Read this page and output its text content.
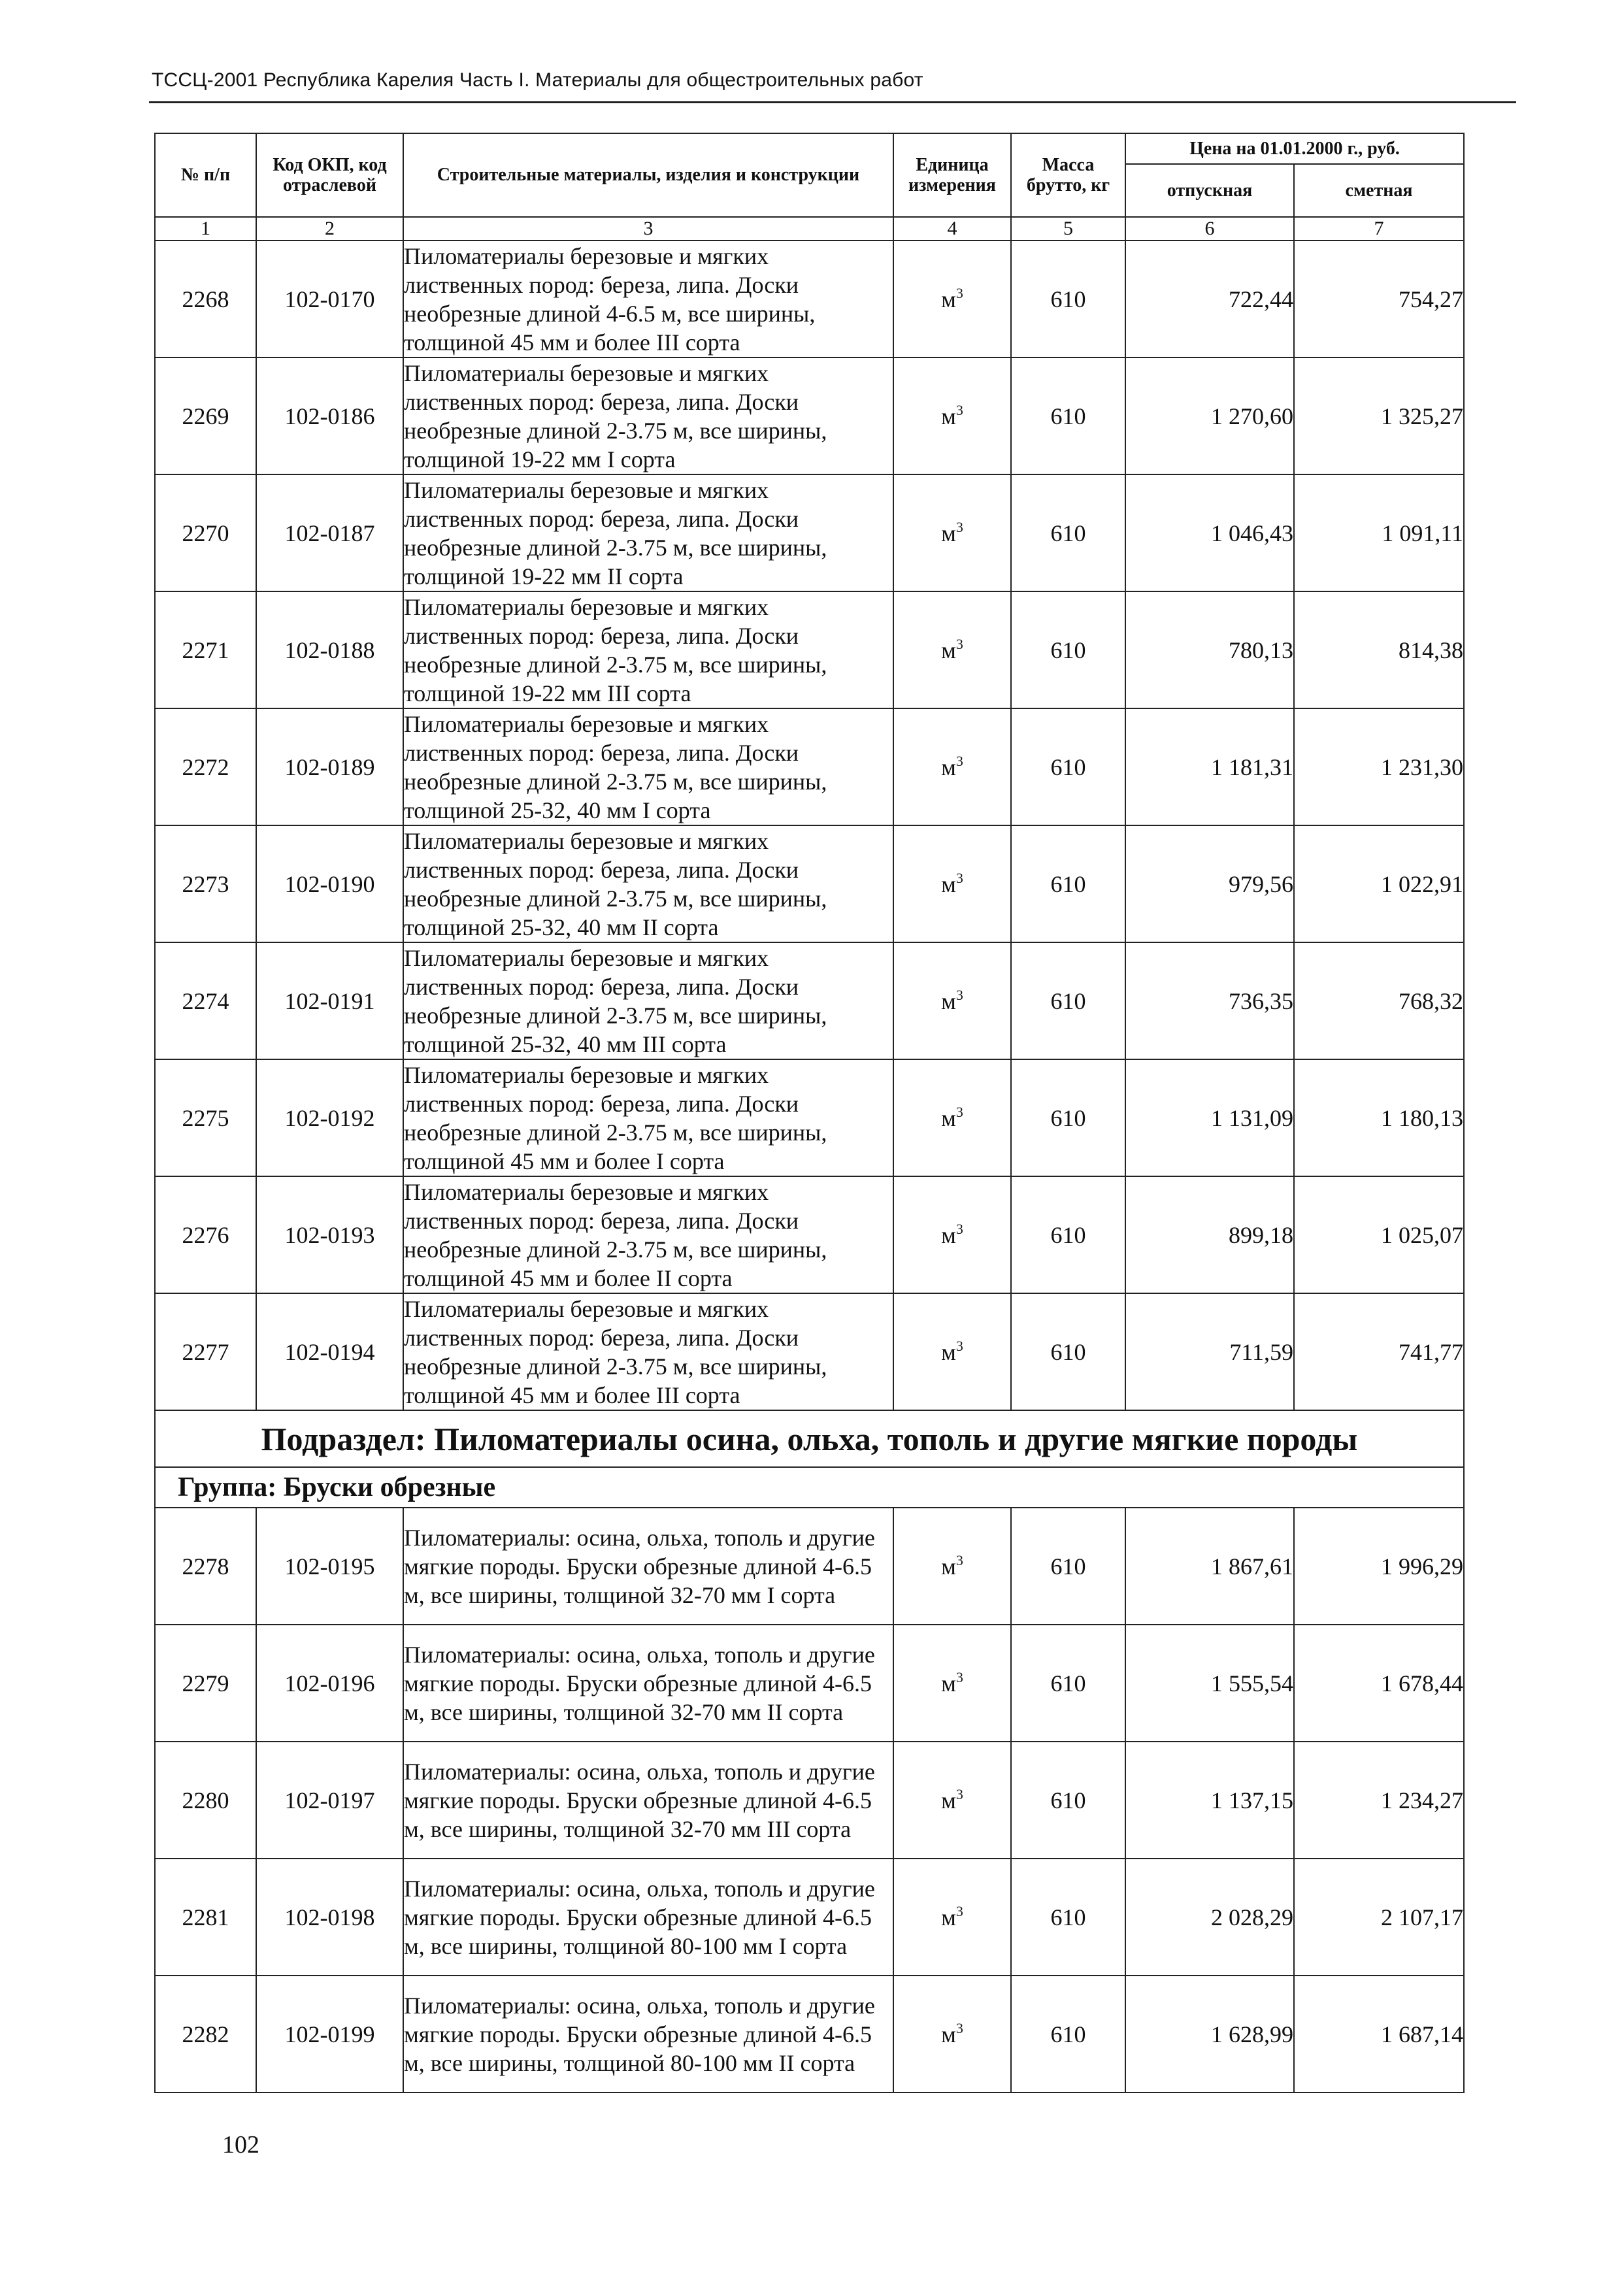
ТССЦ-2001 Республика Карелия Часть I. Материалы для общестроительных работ
№ п/п	Код ОКП, код отраслевой	Строительные материалы, изделия и конструкции	Единица измерения	Масса брутто, кг	Цена на 01.01.2000 г., руб.	
					отпускная	сметная
1	2	3	4	5	6	7
2268	102-0170	Пиломатериалы березовые и мягких лиственных пород: береза, липа. Доски необрезные длиной 4-6.5 м, все ширины, толщиной 45 мм и более III сорта	$м^3$	610	722,44	754,27
2269	102-0186	Пиломатериалы березовые и мягких лиственных пород: береза, липа. Доски необрезные длиной 2-3.75 м, все ширины, толщиной 19-22 мм I сорта	$м^3$	610	1 270,60	1 325,27
2270	102-0187	Пиломатериалы березовые и мягких лиственных пород: береза, липа. Доски необрезные длиной 2-3.75 м, все ширины, толщиной 19-22 мм II сорта	$м^3$	610	1 046,43	1 091,11
2271	102-0188	Пиломатериалы березовые и мягких лиственных пород: береза, липа. Доски необрезные длиной 2-3.75 м, все ширины, толщиной 19-22 мм III сорта	$м^3$	610	780,13	814,38
2272	102-0189	Пиломатериалы березовые и мягких лиственных пород: береза, липа. Доски необрезные длиной 2-3.75 м, все ширины, толщиной 25-32, 40 мм I сорта	$м^3$	610	1 181,31	1 231,30
2273	102-0190	Пиломатериалы березовые и мягких лиственных пород: береза, липа. Доски необрезные длиной 2-3.75 м, все ширины, толщиной 25-32, 40 мм II сорта	$м^3$	610	979,56	1 022,91
2274	102-0191	Пиломатериалы березовые и мягких лиственных пород: береза, липа. Доски необрезные длиной 2-3.75 м, все ширины, толщиной 25-32, 40 мм III сорта	$м^3$	610	736,35	768,32
2275	102-0192	Пиломатериалы березовые и мягких лиственных пород: береза, липа. Доски необрезные длиной 2-3.75 м, все ширины, толщиной 45 мм и более I сорта	$м^3$	610	1 131,09	1 180,13
2276	102-0193	Пиломатериалы березовые и мягких лиственных пород: береза, липа. Доски необрезные длиной 2-3.75 м, все ширины, толщиной 45 мм и более II сорта	$м^3$	610	899,18	1 025,07
2277	102-0194	Пиломатериалы березовые и мягких лиственных пород: береза, липа. Доски необрезные длиной 2-3.75 м, все ширины, толщиной 45 мм и более III сорта	$м^3$	610	711,59	741,77
Подраздел: Пиломатериалы осина, ольха, тополь и другие мягкие породы						
Группа: Бруски обрезные						
2278	102-0195	Пиломатериалы: осина, ольха, тополь и другие мягкие породы. Бруски обрезные длиной 4-6.5 м, все ширины, толщиной 32-70 мм I сорта	$м^3$	610	1 867,61	1 996,29
2279	102-0196	Пиломатериалы: осина, ольха, тополь и другие мягкие породы. Бруски обрезные длиной 4-6.5 м, все ширины, толщиной 32-70 мм II сорта	$м^3$	610	1 555,54	1 678,44
2280	102-0197	Пиломатериалы: осина, ольха, тополь и другие мягкие породы. Бруски обрезные длиной 4-6.5 м, все ширины, толщиной 32-70 мм III сорта	$м^3$	610	1 137,15	1 234,27
2281	102-0198	Пиломатериалы: осина, ольха, тополь и другие мягкие породы. Бруски обрезные длиной 4-6.5 м, все ширины, толщиной 80-100 мм I сорта	$м^3$	610	2 028,29	2 107,17
2282	102-0199	Пиломатериалы: осина, ольха, тополь и другие мягкие породы. Бруски обрезные длиной 4-6.5 м, все ширины, толщиной 80-100 мм II сорта	$м^3$	610	1 628,99	1 687,14
102
